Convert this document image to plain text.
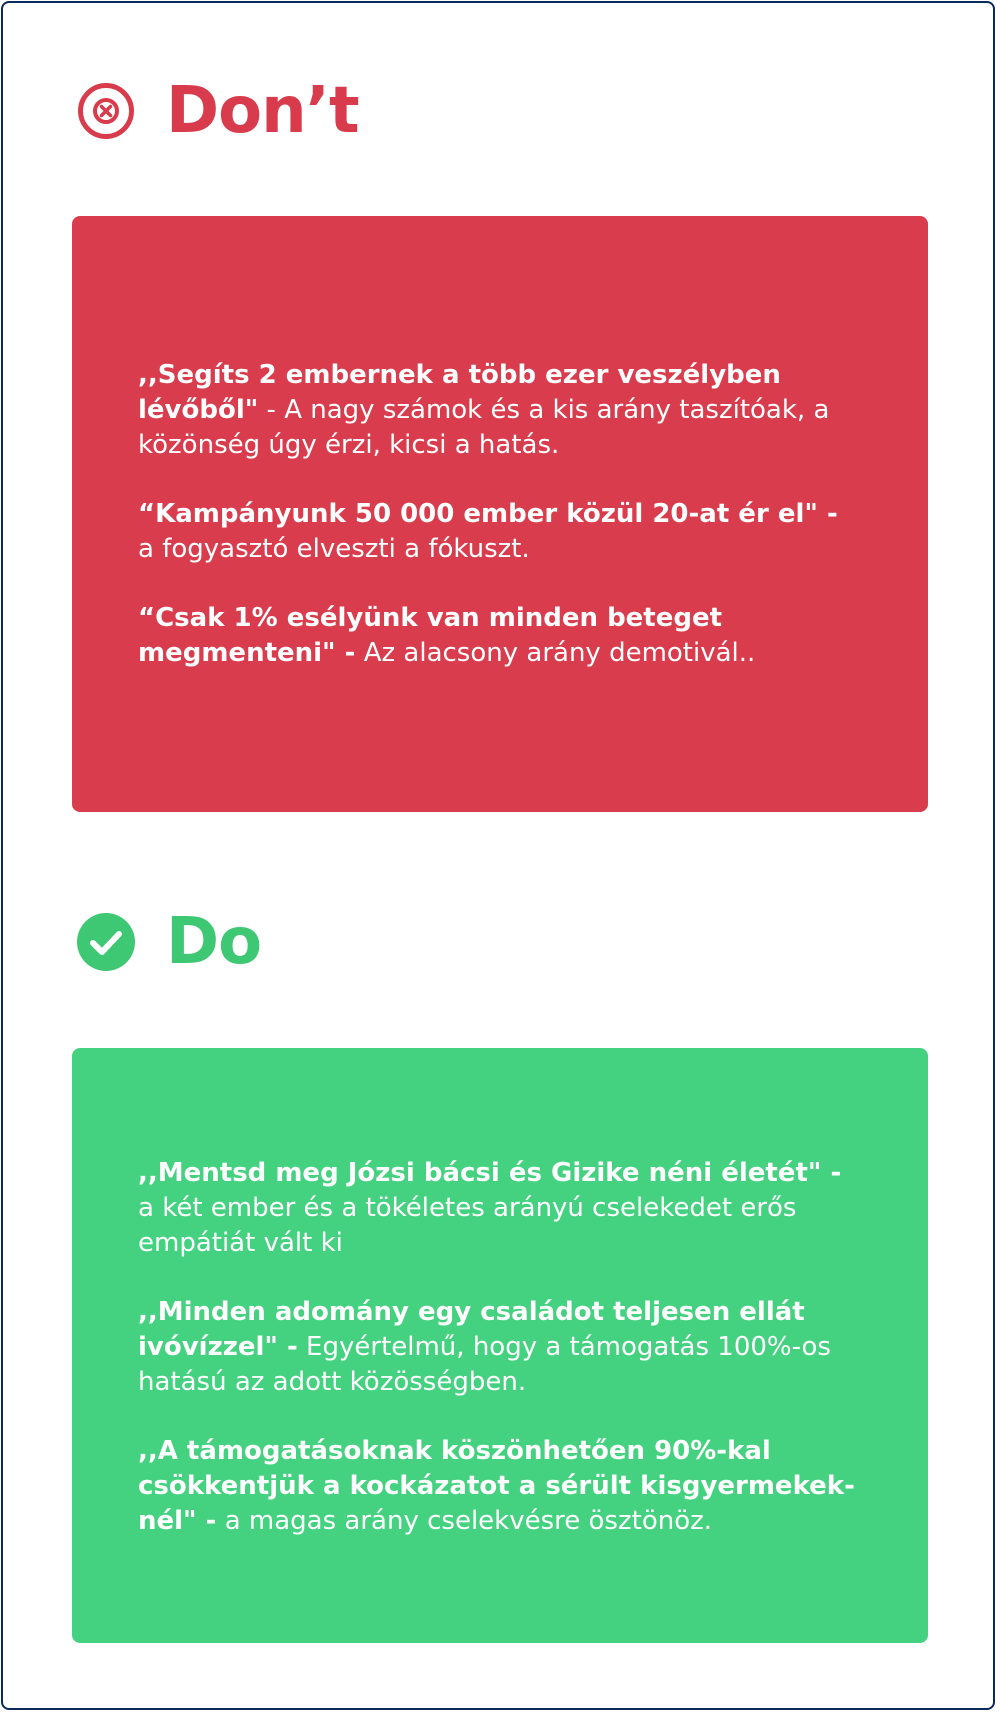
Don’t

,,Segíts 2 embernek a több ezer veszélyben lévőből" - A nagy számok és a kis arány taszítóak, a közönség úgy érzi, kicsi a hatás.

“Kampányunk 50 000 ember közül 20-at ér el" - a fogyasztó elveszti a fókuszt.

“Csak 1% esélyünk van minden beteget megmenteni" - Az alacsony arány demotivál..

Do

,,Mentsd meg Józsi bácsi és Gizike néni életét" - a két ember és a tökéletes arányú cselekedet erős empátiát vált ki

,,Minden adomány egy családot teljesen ellát ivóvízzel" - Egyértelmű, hogy a támogatás 100%-os hatású az adott közösségben.

,,A támogatásoknak köszönhetően 90%-kal csökkentjük a kockázatot a sérült kisgyermekek-nél" - a magas arány cselekvésre ösztönöz.
